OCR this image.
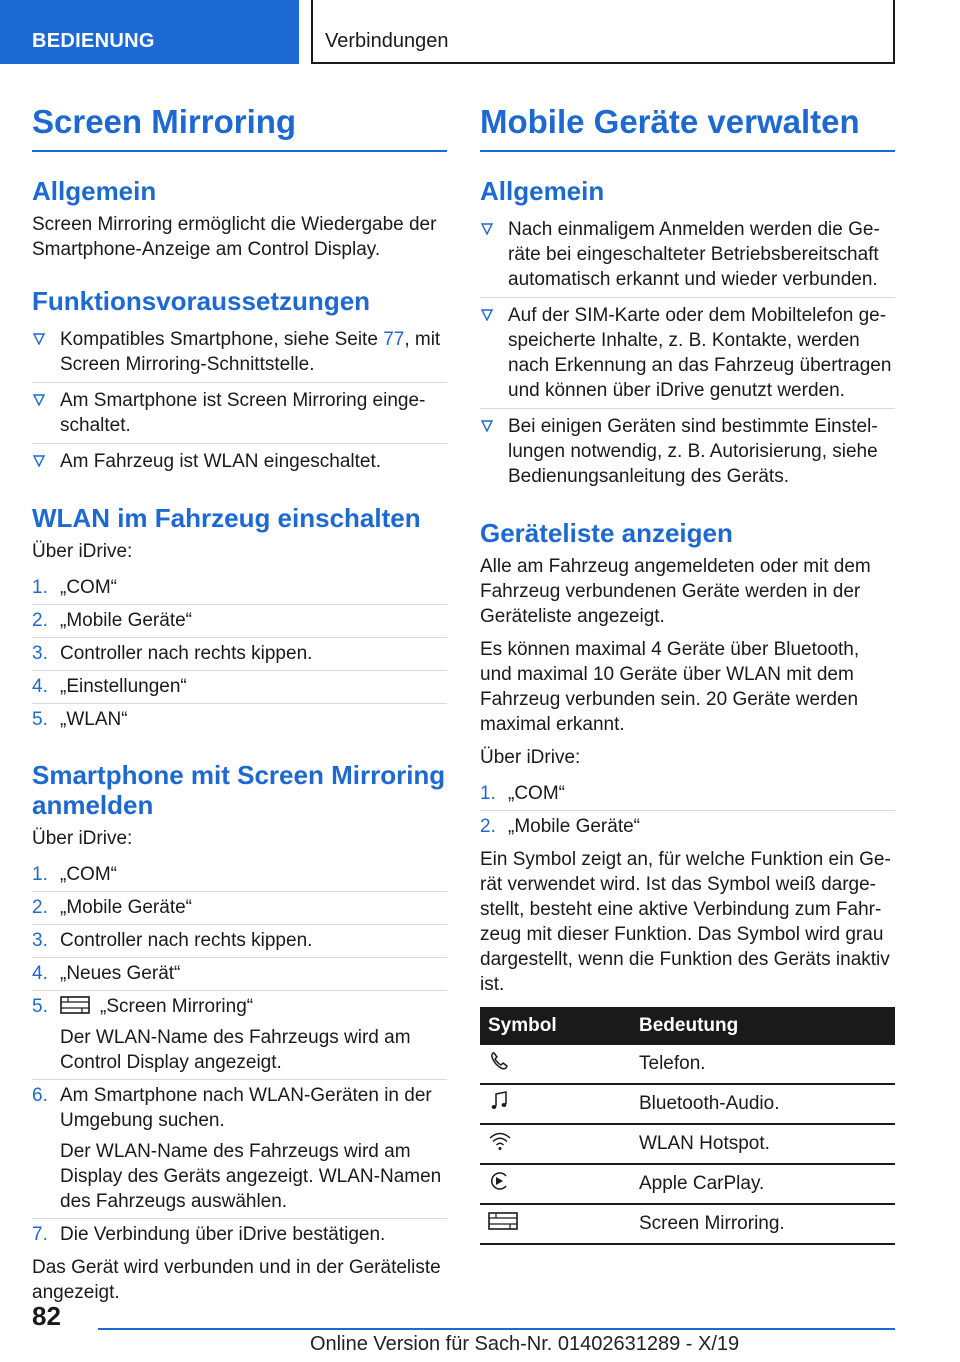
BEDIENUNG	Verbindungen
Screen Mirroring
Allgemein

Screen Mirroring ermöglicht die Wiedergabe der Smartphone-Anzeige am Control Display.

Funktionsvoraussetzungen
Kompatibles Smartphone, siehe Seite 77, mit Screen Mirroring-Schnittstelle.
Am Smartphone ist Screen Mirroring eingeschaltet.
Am Fahrzeug ist WLAN eingeschaltet.
WLAN im Fahrzeug einschalten

Über iDrive:

1. „COM“
2. „Mobile Geräte“
3. Controller nach rechts kippen.
4. „Einstellungen“
5. „WLAN“
Smartphone mit Screen Mirroring anmelden

Über iDrive:

1. „COM“
2. „Mobile Geräte“
3. Controller nach rechts kippen.
4. „Neues Gerät“
5.	„Screen Mirroring“
Der WLAN-Name des Fahrzeugs wird am Control Display angezeigt.
6. Am Smartphone nach WLAN-Geräten in der Umgebung suchen.
Der WLAN-Name des Fahrzeugs wird am Display des Geräts angezeigt. WLAN-Namen des Fahrzeugs auswählen.
7. Die Verbindung über iDrive bestätigen.

Das Gerät wird verbunden und in der Geräteliste angezeigt.

Mobile Geräte verwalten
Allgemein
Nach einmaligem Anmelden werden die Geräte bei eingeschalteter Betriebsbereitschaft automatisch erkannt und wieder verbunden.
Auf der SIM-Karte oder dem Mobiltelefon gespeicherte Inhalte, z. B. Kontakte, werden nach Erkennung an das Fahrzeug übertragen und können über iDrive genutzt werden.
Bei einigen Geräten sind bestimmte Einstellungen notwendig, z. B. Autorisierung, siehe Bedienungsanleitung des Geräts.
Geräteliste anzeigen

Alle am Fahrzeug angemeldeten oder mit dem Fahrzeug verbundenen Geräte werden in der Geräteliste angezeigt.

Es können maximal 4 Geräte über Bluetooth, und maximal 10 Geräte über WLAN mit dem Fahrzeug verbunden sein. 20 Geräte werden maximal erkannt.

Über iDrive:

1. „COM“
2. „Mobile Geräte“

Ein Symbol zeigt an, für welche Funktion ein Gerät verwendet wird. Ist das Symbol weiß dargestellt, besteht eine aktive Verbindung zum Fahrzeug mit dieser Funktion. Das Symbol wird grau dargestellt, wenn die Funktion des Geräts inaktiv ist.

Symbol	Bedeutung
	Telefon.
	Bluetooth-Audio.
	WLAN Hotspot.
	Apple CarPlay.
	Screen Mirroring.
82
Online Version für Sach-Nr. 01402631289 - X/19
